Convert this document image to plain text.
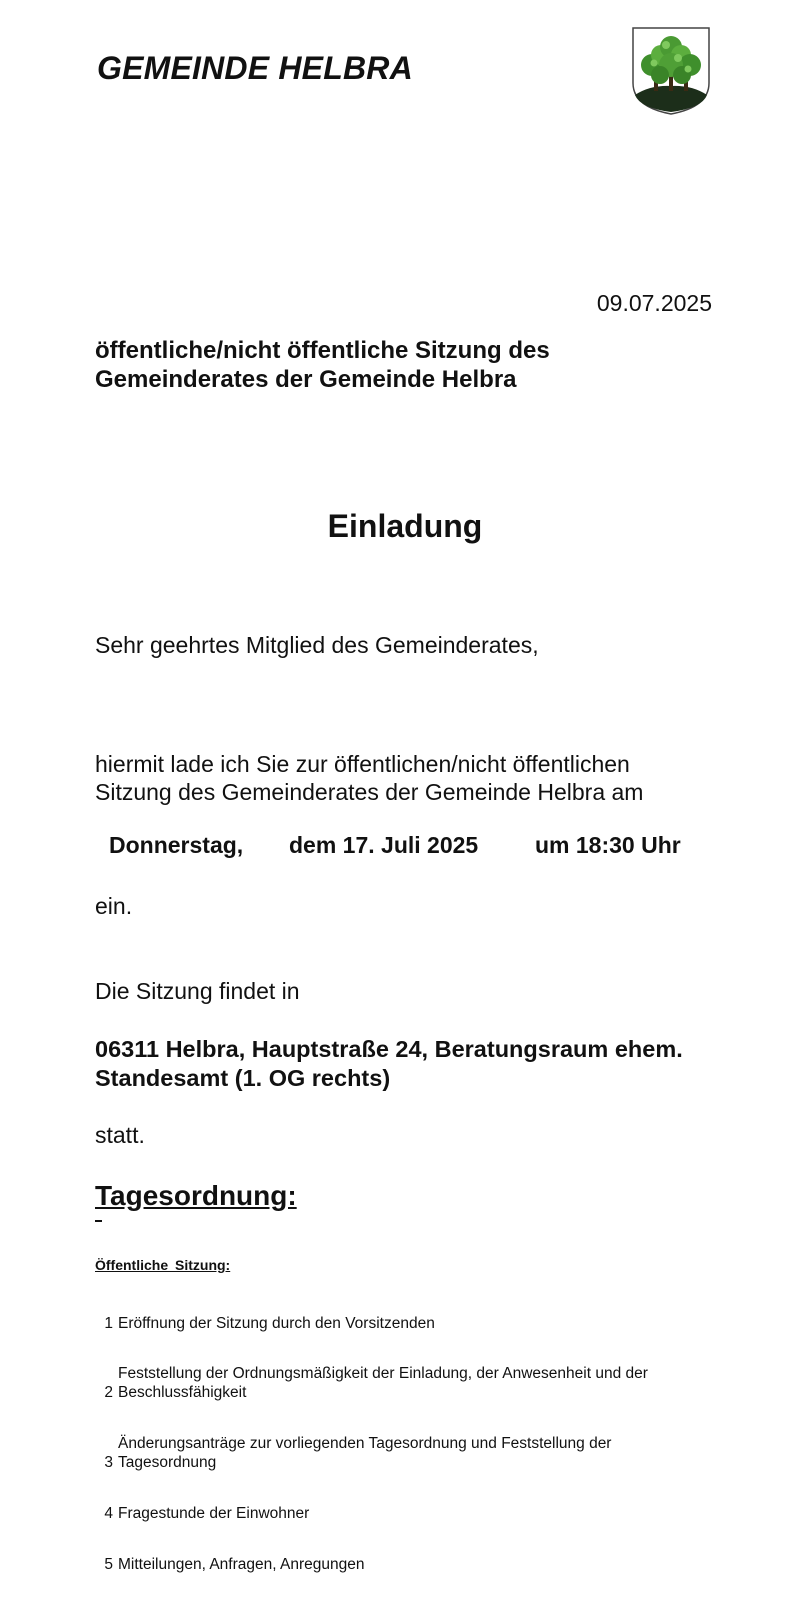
GEMEINDE HELBRA
09.07.2025
öffentliche/nicht öffentliche Sitzung des
Gemeinderates der Gemeinde Helbra
Einladung
Sehr geehrtes Mitglied des Gemeinderates,
hiermit lade ich Sie zur öffentlichen/nicht öffentlichen
Sitzung des Gemeinderates der Gemeinde Helbra am
Donnerstag, dem 17. Juli 2025 um 18:30 Uhr
ein.
Die Sitzung findet in
06311 Helbra, Hauptstraße 24, Beratungsraum ehem.
Standesamt (1. OG rechts)
statt.
Tagesordnung:
Öffentliche Sitzung:
1 Eröffnung der Sitzung durch den Vorsitzenden
2
Feststellung der Ordnungsmäßigkeit der Einladung, der Anwesenheit und der
Beschlussfähigkeit
3
Änderungsanträge zur vorliegenden Tagesordnung und Feststellung der
Tagesordnung
4 Fragestunde der Einwohner
5 Mitteilungen, Anfragen, Anregungen
